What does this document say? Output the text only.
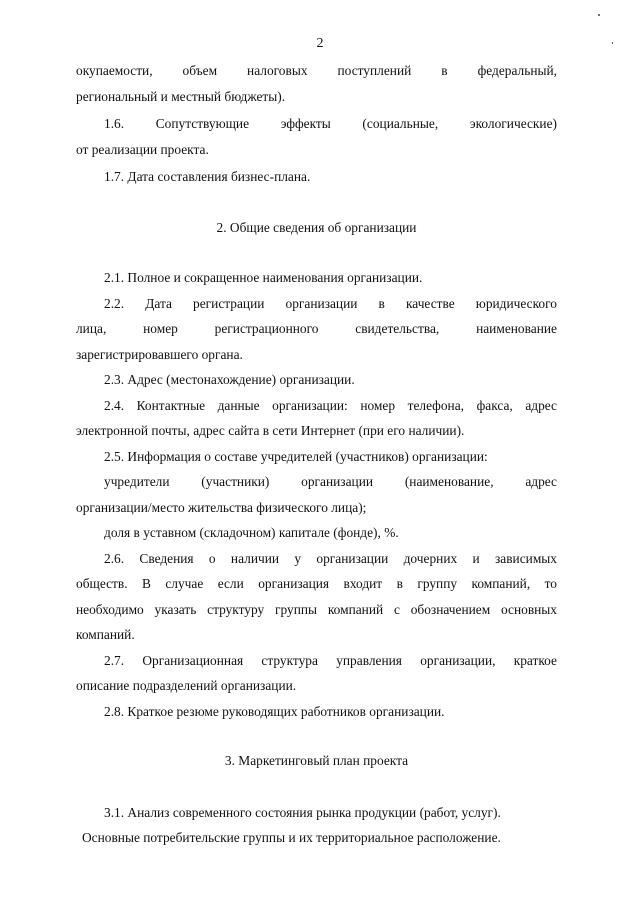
2

окупаемости, объем налоговых поступлений в федеральный,

региональный и местный бюджеты).

1.6. Сопутствующие эффекты (социальные, экологические)

от реализации проекта.

1.7. Дата составления бизнес-плана.

2. Общие сведения об организации

2.1. Полное и сокращенное наименования организации.

2.2. Дата регистрации организации в качестве юридического

лица, номер регистрационного свидетельства, наименование

зарегистрировавшего органа.

2.3. Адрес (местонахождение) организации.

2.4. Контактные данные организации: номер телефона, факса, адрес

электронной почты, адрес сайта в сети Интернет (при его наличии).

2.5. Информация о составе учредителей (участников) организации:

учредители (участники) организации (наименование, адрес

организации/место жительства физического лица);

доля в уставном (складочном) капитале (фонде), %.

2.6. Сведения о наличии у организации дочерних и зависимых

обществ. В случае если организация входит в группу компаний, то

необходимо указать структуру группы компаний с обозначением основных

компаний.

2.7. Организационная структура управления организации, краткое

описание подразделений организации.

2.8. Краткое резюме руководящих работников организации.

3. Маркетинговый план проекта

3.1. Анализ современного состояния рынка продукции (работ, услуг).

Основные потребительские группы и их территориальное расположение.
